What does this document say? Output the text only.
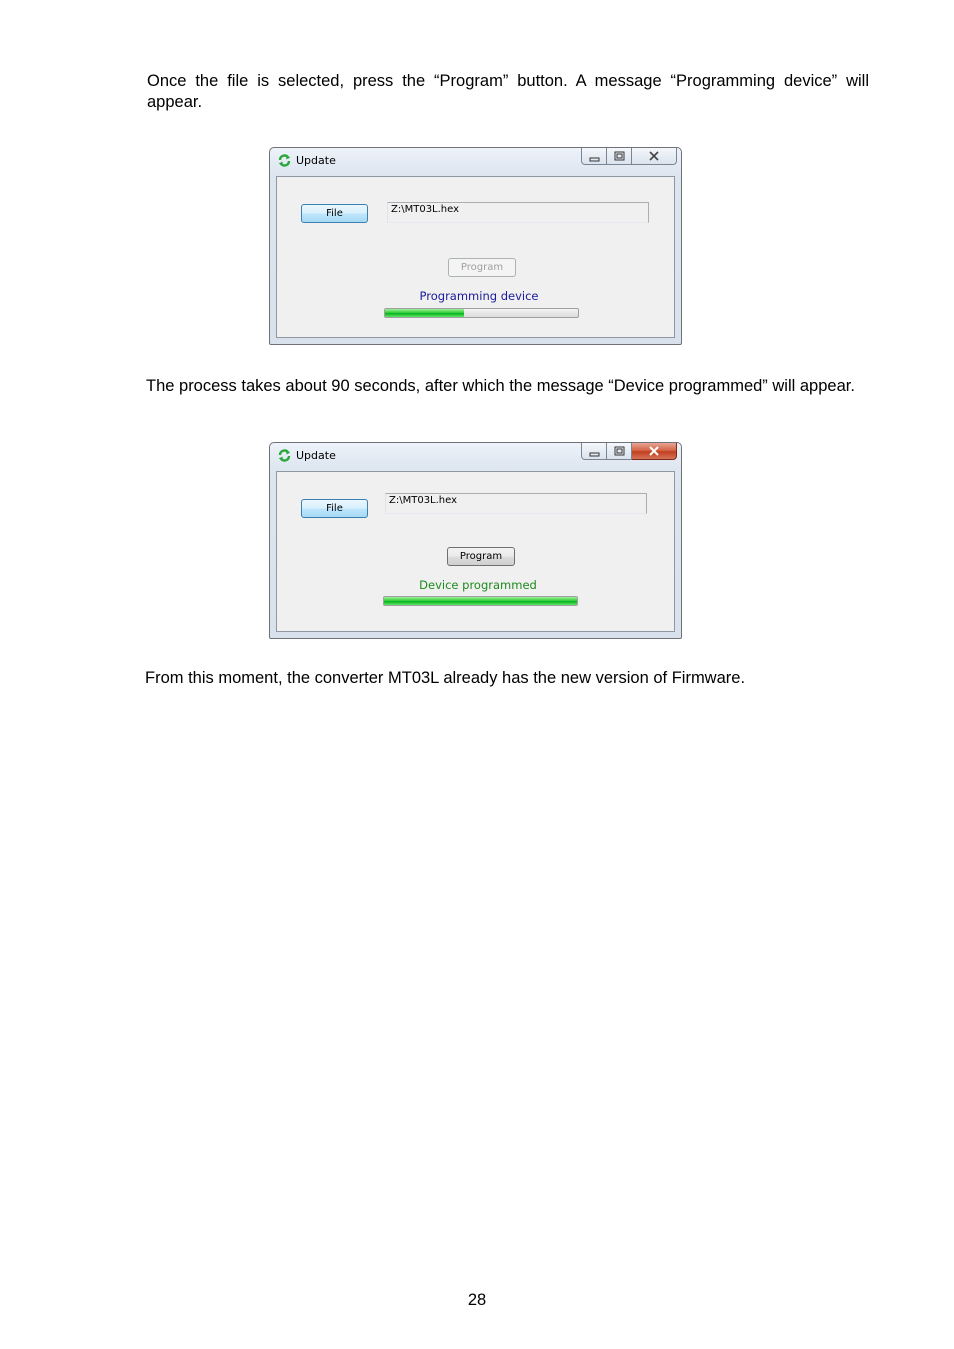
Once the file is selected, press the “Program” button. A message “Programming device” will appear.
Update
File	Z:\MT03L.hex
Program
Programming device
The process takes about 90 seconds, after which the message “Device programmed” will appear.
Update
File
Z:\MT03L.hex
Program
Device programmed
From this moment, the converter MT03L already has the new version of Firmware.
28
